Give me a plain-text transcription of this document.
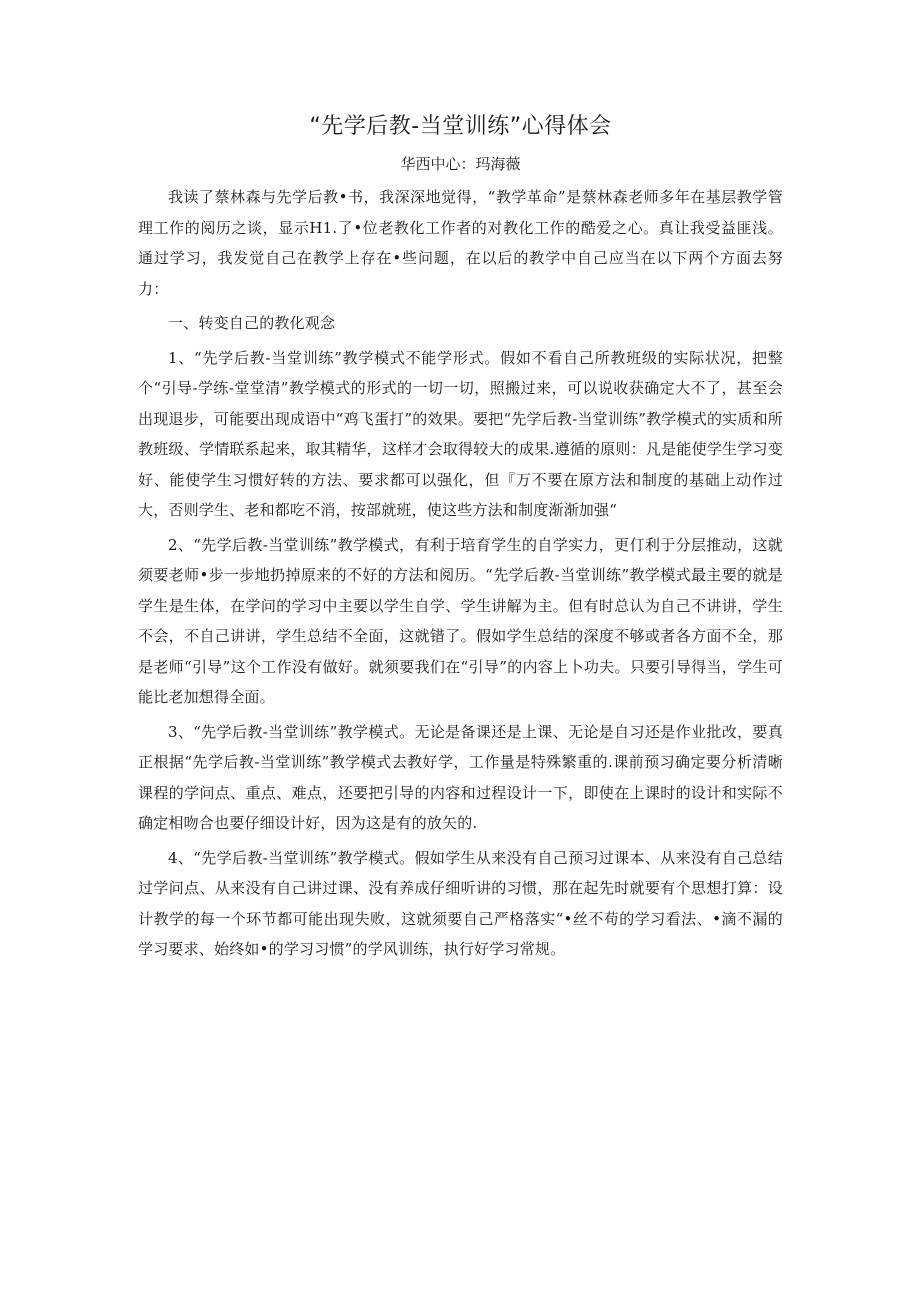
“先学后教-当堂训练”心得体会
华西中心：玛海薇

我读了蔡林森与先学后教•书，我深深地觉得，“教学革命”是蔡林森老师多年在基层教学管理工作的阅历之谈，显示H1.了•位老教化工作者的对教化工作的酷爱之心。真让我受益匪浅。通过学习，我发觉自己在教学上存在•些问题，在以后的教学中自己应当在以下两个方面去努力：

一、转变自己的教化观念

1、“先学后教-当堂训练”教学模式不能学形式。假如不看自己所教班级的实际状况，把整个“引导-学练-堂堂清”教学模式的形式的一切一切，照搬过来，可以说收获确定大不了，甚至会出现退步，可能要出现成语中“鸡飞蛋打”的效果。要把“先学后教-当堂训练”教学模式的实质和所教班级、学情联系起来，取其精华，这样才会取得较大的成果.遵循的原则：凡是能使学生学习变好、能使学生习惯好转的方法、要求都可以强化，但『万不要在原方法和制度的基础上动作过大，否则学生、老和都吃不消，按部就班，使这些方法和制度渐渐加强“

2、“先学后教-当堂训练”教学模式，有利于培育学生的自学实力，更仃利于分层推动，这就须要老师•步一步地扔掉原来的不好的方法和阅历。“先学后教-当堂训练”教学模式最主要的就是 学生是生体，在学问的学习中主要以学生自学、学生讲解为主。但有时总认为自己不讲讲，学生不会，不自己讲讲，学生总结不全面，这就错了。假如学生总结的深度不够或者各方面不全，那是老师“引导”这个工作没有做好。就须要我们在“引导”的内容上卜功夫。只要引导得当，学生可能比老加想得全面。

3、“先学后教-当堂训练”教学模式。无论是备课还是上课、无论是自习还是作业批改，要真正根据“先学后教-当堂训练”教学模式去教好学，工作量是特殊繁重的.课前预习确定要分析清晰课程的学问点、重点、难点，还要把引导的内容和过程设计一下，即使在上课时的设计和实际不确定相吻合也要仔细设计好，因为这是有的放矢的.

4、“先学后教-当堂训练”教学模式。假如学生从来没有自己预习过课本、从来没有自己总结过学问点、从来没有自己讲过课、没有养成仔细听讲的习惯，那在起先时就要有个思想打算：设计教学的每一个环节都可能出现失败，这就须要自己严格落实“•丝不苟的学习看法、•滴不漏的学习要求、始终如•的学习习惯”的学风训练，执行好学习常规。
